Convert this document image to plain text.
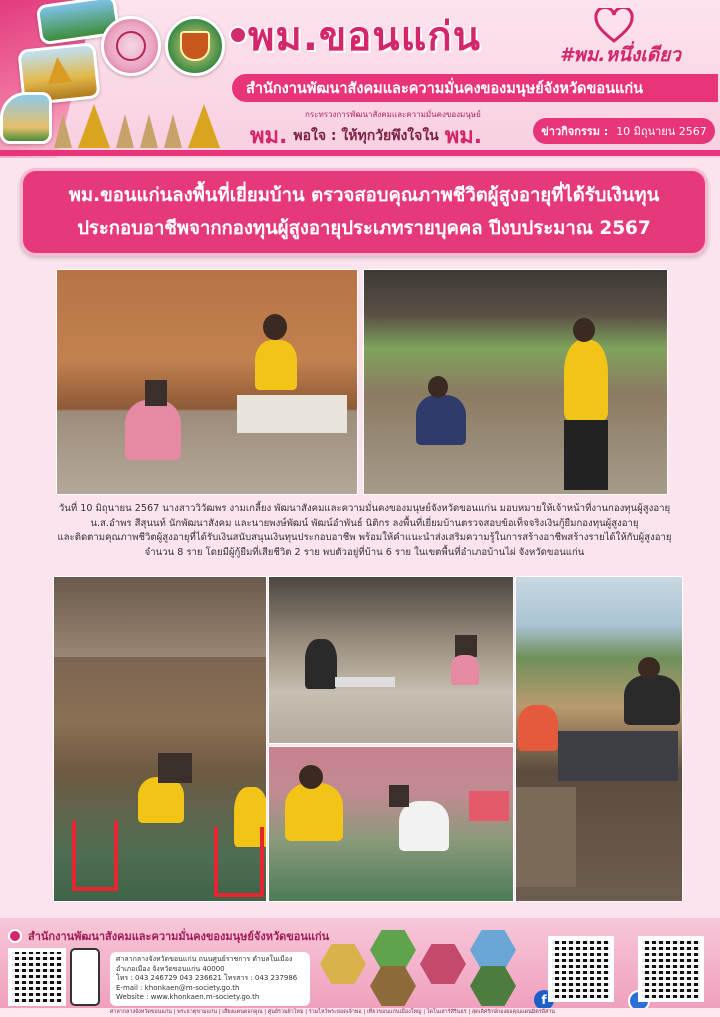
พม.ขอนแก่น	#พม.หนึ่งเดียว
สำนักงานพัฒนาสังคมและความมั่นคงของมนุษย์จังหวัดขอนแก่น
กระทรวงการพัฒนาสังคมและความมั่นคงของมนุษย์
พม. พอใจ : ให้ทุกวัยพึงใจใน พม.	ข่าวกิจกรรม : 10 มิถุนายน 2567
พม.ขอนแก่นลงพื้นที่เยี่ยมบ้าน ตรวจสอบคุณภาพชีวิตผู้สูงอายุที่ได้รับเงินทุน
ประกอบอาชีพจากกองทุนผู้สูงอายุประเภทรายบุคคล ปีงบประมาณ 2567
วันที่ 10 มิถุนายน 2567 นางสาววิวัฒพร งามเกลี้ยง พัฒนาสังคมและความมั่นคงของมนุษย์จังหวัดขอนแก่น มอบหมายให้เจ้าหน้าที่งานกองทุนผู้สูงอายุ
น.ส.อำพร สีสุนนท์ นักพัฒนาสังคม และนายพงษ์พัฒน์ พัฒน์อำพันธ์ นิติกร ลงพื้นที่เยี่ยมบ้านตรวจสอบข้อเท็จจริงเงินกู้ยืมกองทุนผู้สูงอายุ
และติดตามคุณภาพชีวิตผู้สูงอายุที่ได้รับเงินสนับสนุนเงินทุนประกอบอาชีพ พร้อมให้คำแนะนำส่งเสริมความรู้ในการสร้างอาชีพสร้างรายได้ให้กับผู้สูงอายุ
จำนวน 8 ราย โดยมีผู้กู้ยืมที่เสียชีวิต 2 ราย พบตัวอยู่ที่บ้าน 6 ราย ในเขตพื้นที่อำเภอบ้านไผ่ จังหวัดขอนแก่น
สำนักงานพัฒนาสังคมและความมั่นคงของมนุษย์จังหวัดขอนแก่น
ศาลากลางจังหวัดขอนแก่น ถนนศูนย์ราชการ ตำบลในเมือง
อำเภอเมือง จังหวัดขอนแก่น 40000
โทร : 043 246729 043 236621 โทรสาร : 043 237986
E-mail : khonkaen@m-society.go.th
Website : www.khonkaen.m-society.go.th	f
ศาลากลางจังหวัดขอนแก่น | พระธาตุขามแก่น | เสียงแคนดอกคูณ | ศูนย์รวมผ้าไหม | ร่วมไหว้พระยอดเจ้าพ่อ | เที่ยวขอนแก่นเมืองใหญ่ | ไดโนเสาร์สิรินธร | สุดเลิศรักษ์กองยอคุณแดนมิตรอีสาน
